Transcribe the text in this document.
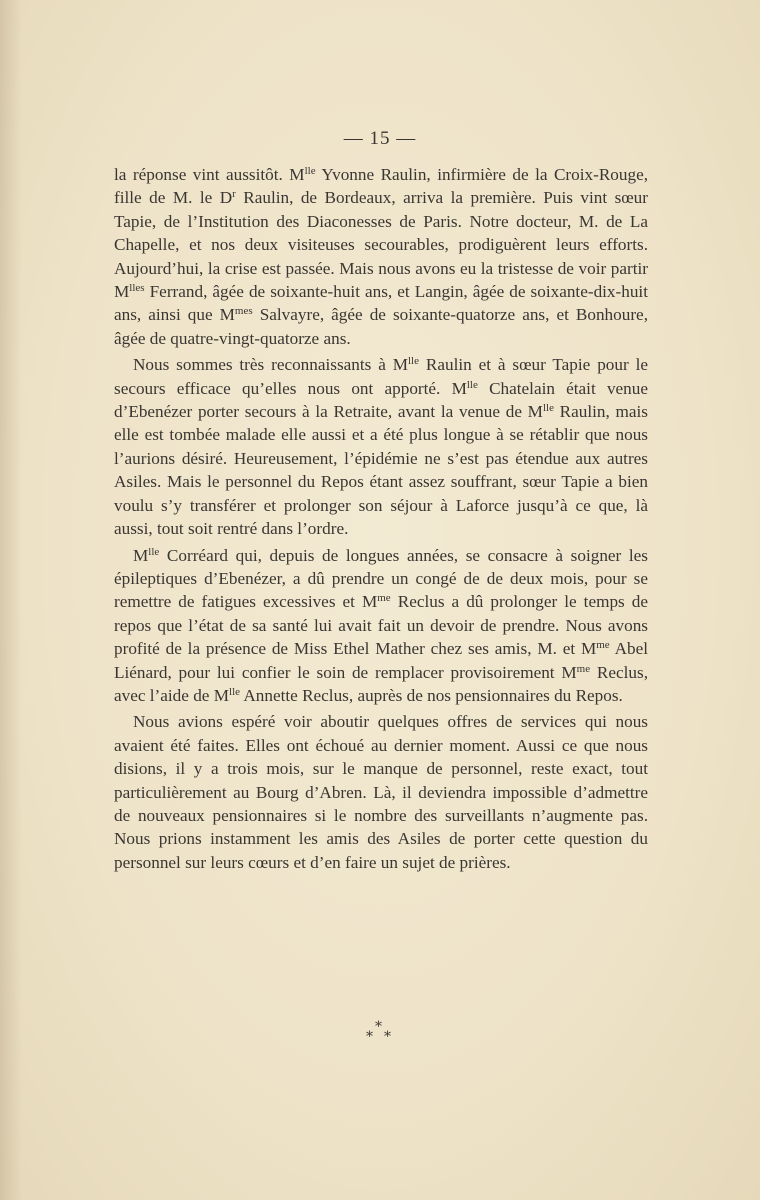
— 15 —

la réponse vint aussitôt. $M^{lle}$ Yvonne Raulin, infirmière de la Croix-Rouge, fille de M. le $D^r$ Raulin, de Bordeaux, arriva la première. Puis vint sœur Tapie, de l’Institution des Diaconesses de Paris. Notre docteur, M. de La Chapelle, et nos deux visiteuses secourables, prodiguèrent leurs efforts. Aujourd’hui, la crise est passée. Mais nous avons eu la tristesse de voir partir $M^{lles}$ Ferrand, âgée de soixante-huit ans, et Langin, âgée de soixante-dix-huit ans, ainsi que $M^{mes}$ Salvayre, âgée de soixante-quatorze ans, et Bonhoure, âgée de quatre-vingt-quatorze ans.

Nous sommes très reconnaissants à $M^{lle}$ Raulin et à sœur Tapie pour le secours efficace qu’elles nous ont apporté. $M^{lle}$ Chatelain était venue d’Ebenézer porter secours à la Retraite, avant la venue de $M^{lle}$ Raulin, mais elle est tombée malade elle aussi et a été plus longue à se rétablir que nous l’aurions désiré. Heureusement, l’épidémie ne s’est pas étendue aux autres Asiles. Mais le personnel du Repos étant assez souffrant, sœur Tapie a bien voulu s’y transférer et prolonger son séjour à Laforce jusqu’à ce que, là aussi, tout soit rentré dans l’ordre.

$M^{lle}$ Corréard qui, depuis de longues années, se consacre à soigner les épileptiques d’Ebenézer, a dû prendre un congé de de deux mois, pour se remettre de fatigues excessives et $M^{me}$ Reclus a dû prolonger le temps de repos que l’état de sa santé lui avait fait un devoir de prendre. Nous avons profité de la présence de Miss Ethel Mather chez ses amis, M. et $M^{me}$ Abel Liénard, pour lui confier le soin de remplacer provisoirement $M^{me}$ Reclus, avec l’aide de $M^{lle}$ Annette Reclus, auprès de nos pensionnaires du Repos.

Nous avions espéré voir aboutir quelques offres de services qui nous avaient été faites. Elles ont échoué au dernier moment. Aussi ce que nous disions, il y a trois mois, sur le manque de personnel, reste exact, tout particulièrement au Bourg d’Abren. Là, il deviendra impossible d’admettre de nouveaux pensionnaires si le nombre des surveillants n’augmente pas. Nous prions instamment les amis des Asiles de porter cette question du personnel sur leurs cœurs et d’en faire un sujet de prières.

*
* *
